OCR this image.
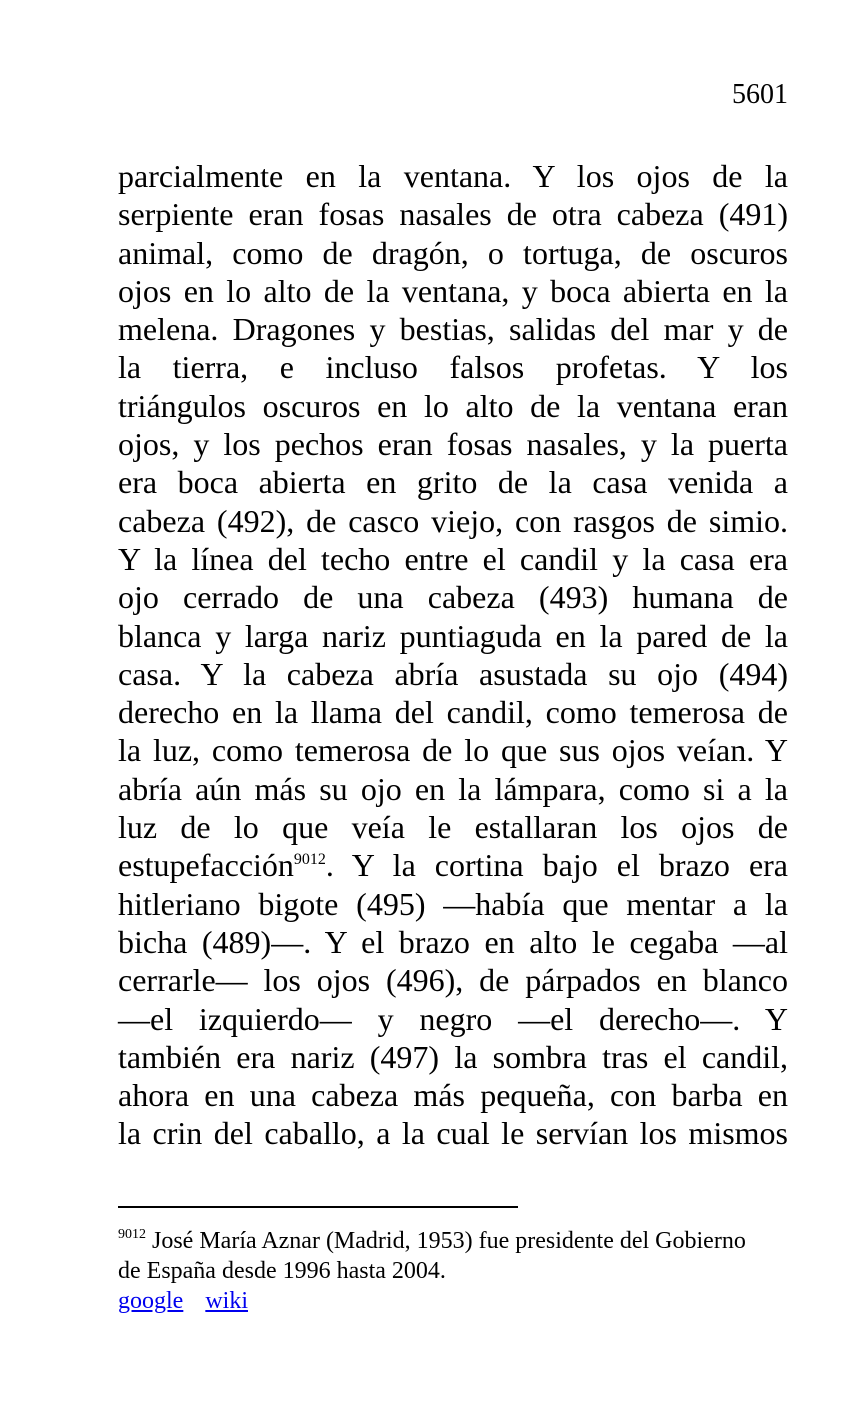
5601
parcialmente en la ventana. Y los ojos de la
serpiente eran fosas nasales de otra cabeza (491)
animal, como de dragón, o tortuga, de oscuros
ojos en lo alto de la ventana, y boca abierta en la
melena. Dragones y bestias, salidas del mar y de
la tierra, e incluso falsos profetas. Y los
triángulos oscuros en lo alto de la ventana eran
ojos, y los pechos eran fosas nasales, y la puerta
era boca abierta en grito de la casa venida a
cabeza (492), de casco viejo, con rasgos de simio.
Y la línea del techo entre el candil y la casa era
ojo cerrado de una cabeza (493) humana de
blanca y larga nariz puntiaguda en la pared de la
casa. Y la cabeza abría asustada su ojo (494)
derecho en la llama del candil, como temerosa de
la luz, como temerosa de lo que sus ojos veían. Y
abría aún más su ojo en la lámpara, como si a la
luz de lo que veía le estallaran los ojos de
estupefacción$^{9012}$. Y la cortina bajo el brazo era
hitleriano bigote (495) —había que mentar a la
bicha (489)—. Y el brazo en alto le cegaba —al
cerrarle— los ojos (496), de párpados en blanco
—el izquierdo— y negro —el derecho—. Y
también era nariz (497) la sombra tras el candil,
ahora en una cabeza más pequeña, con barba en
la crin del caballo, a la cual le servían los mismos
$^{9012}$ José María Aznar (Madrid, 1953) fue presidente del Gobierno
de España desde 1996 hasta 2004.
google wiki
